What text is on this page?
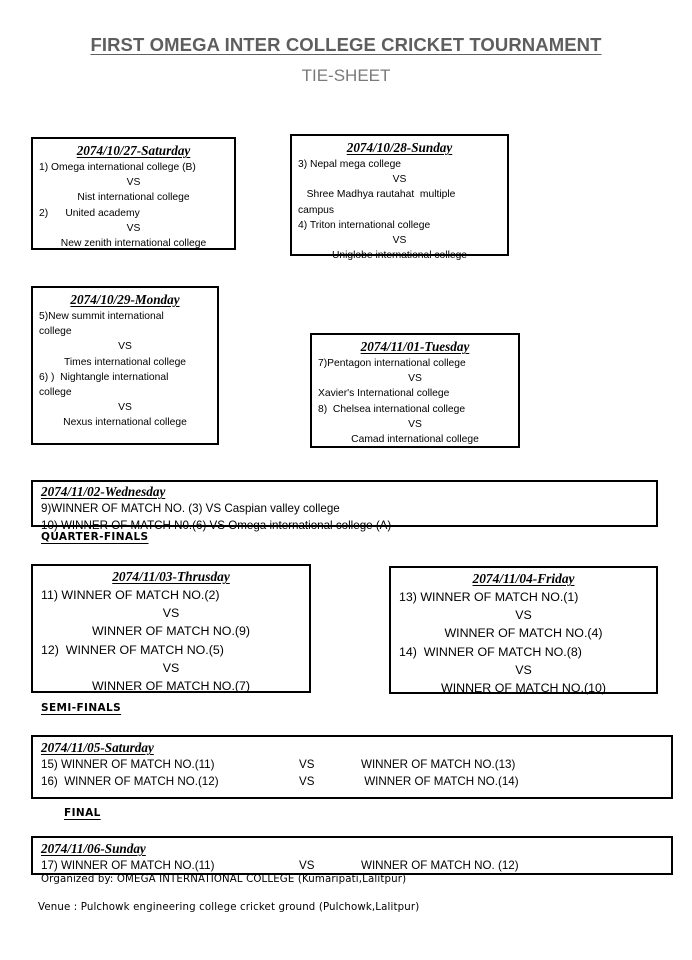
FIRST OMEGA INTER COLLEGE CRICKET TOURNAMENT
TIE-SHEET
2074/10/27-Saturday
1) Omega international college (B)
VS
Nist international college
2)      United academy
VS
New zenith international college
2074/10/28-Sunday
3) Nepal mega college
VS
Shree Madhya rautahat  multiple
campus
4) Triton international college
VS
Uniglobe international college
2074/10/29-Monday
5)New summit international
college
VS
Times international college
6) )  Nightangle international
college
VS
Nexus international college
2074/11/01-Tuesday
7)Pentagon international college
VS
Xavier's International college
8)  Chelsea international college
VS
Camad international college
2074/11/02-Wednesday
9)WINNER OF MATCH NO. (3) VS Caspian valley college
10) WINNER OF MATCH N0.(6) VS Omega international college (A)
QUARTER-FINALS
2074/11/03-Thrusday
11) WINNER OF MATCH NO.(2)
VS
WINNER OF MATCH NO.(9)
12)  WINNER OF MATCH NO.(5)
VS
WINNER OF MATCH NO.(7)
2074/11/04-Friday
13) WINNER OF MATCH NO.(1)
VS
WINNER OF MATCH NO.(4)
14)  WINNER OF MATCH NO.(8)
VS
WINNER OF MATCH NO.(10)
SEMI-FINALS
2074/11/05-Saturday
15) WINNER OF MATCH NO.(11)	VS	WINNER OF MATCH NO.(13)
16)  WINNER OF MATCH NO.(12)	VS	WINNER OF MATCH NO.(14)
FINAL
2074/11/06-Sunday
17) WINNER OF MATCH NO.(11)	VS	WINNER OF MATCH NO. (12)
Organized by: OMEGA INTERNATIONAL COLLEGE (Kumaripati,Lalitpur)
Venue : Pulchowk engineering college cricket ground (Pulchowk,Lalitpur)
